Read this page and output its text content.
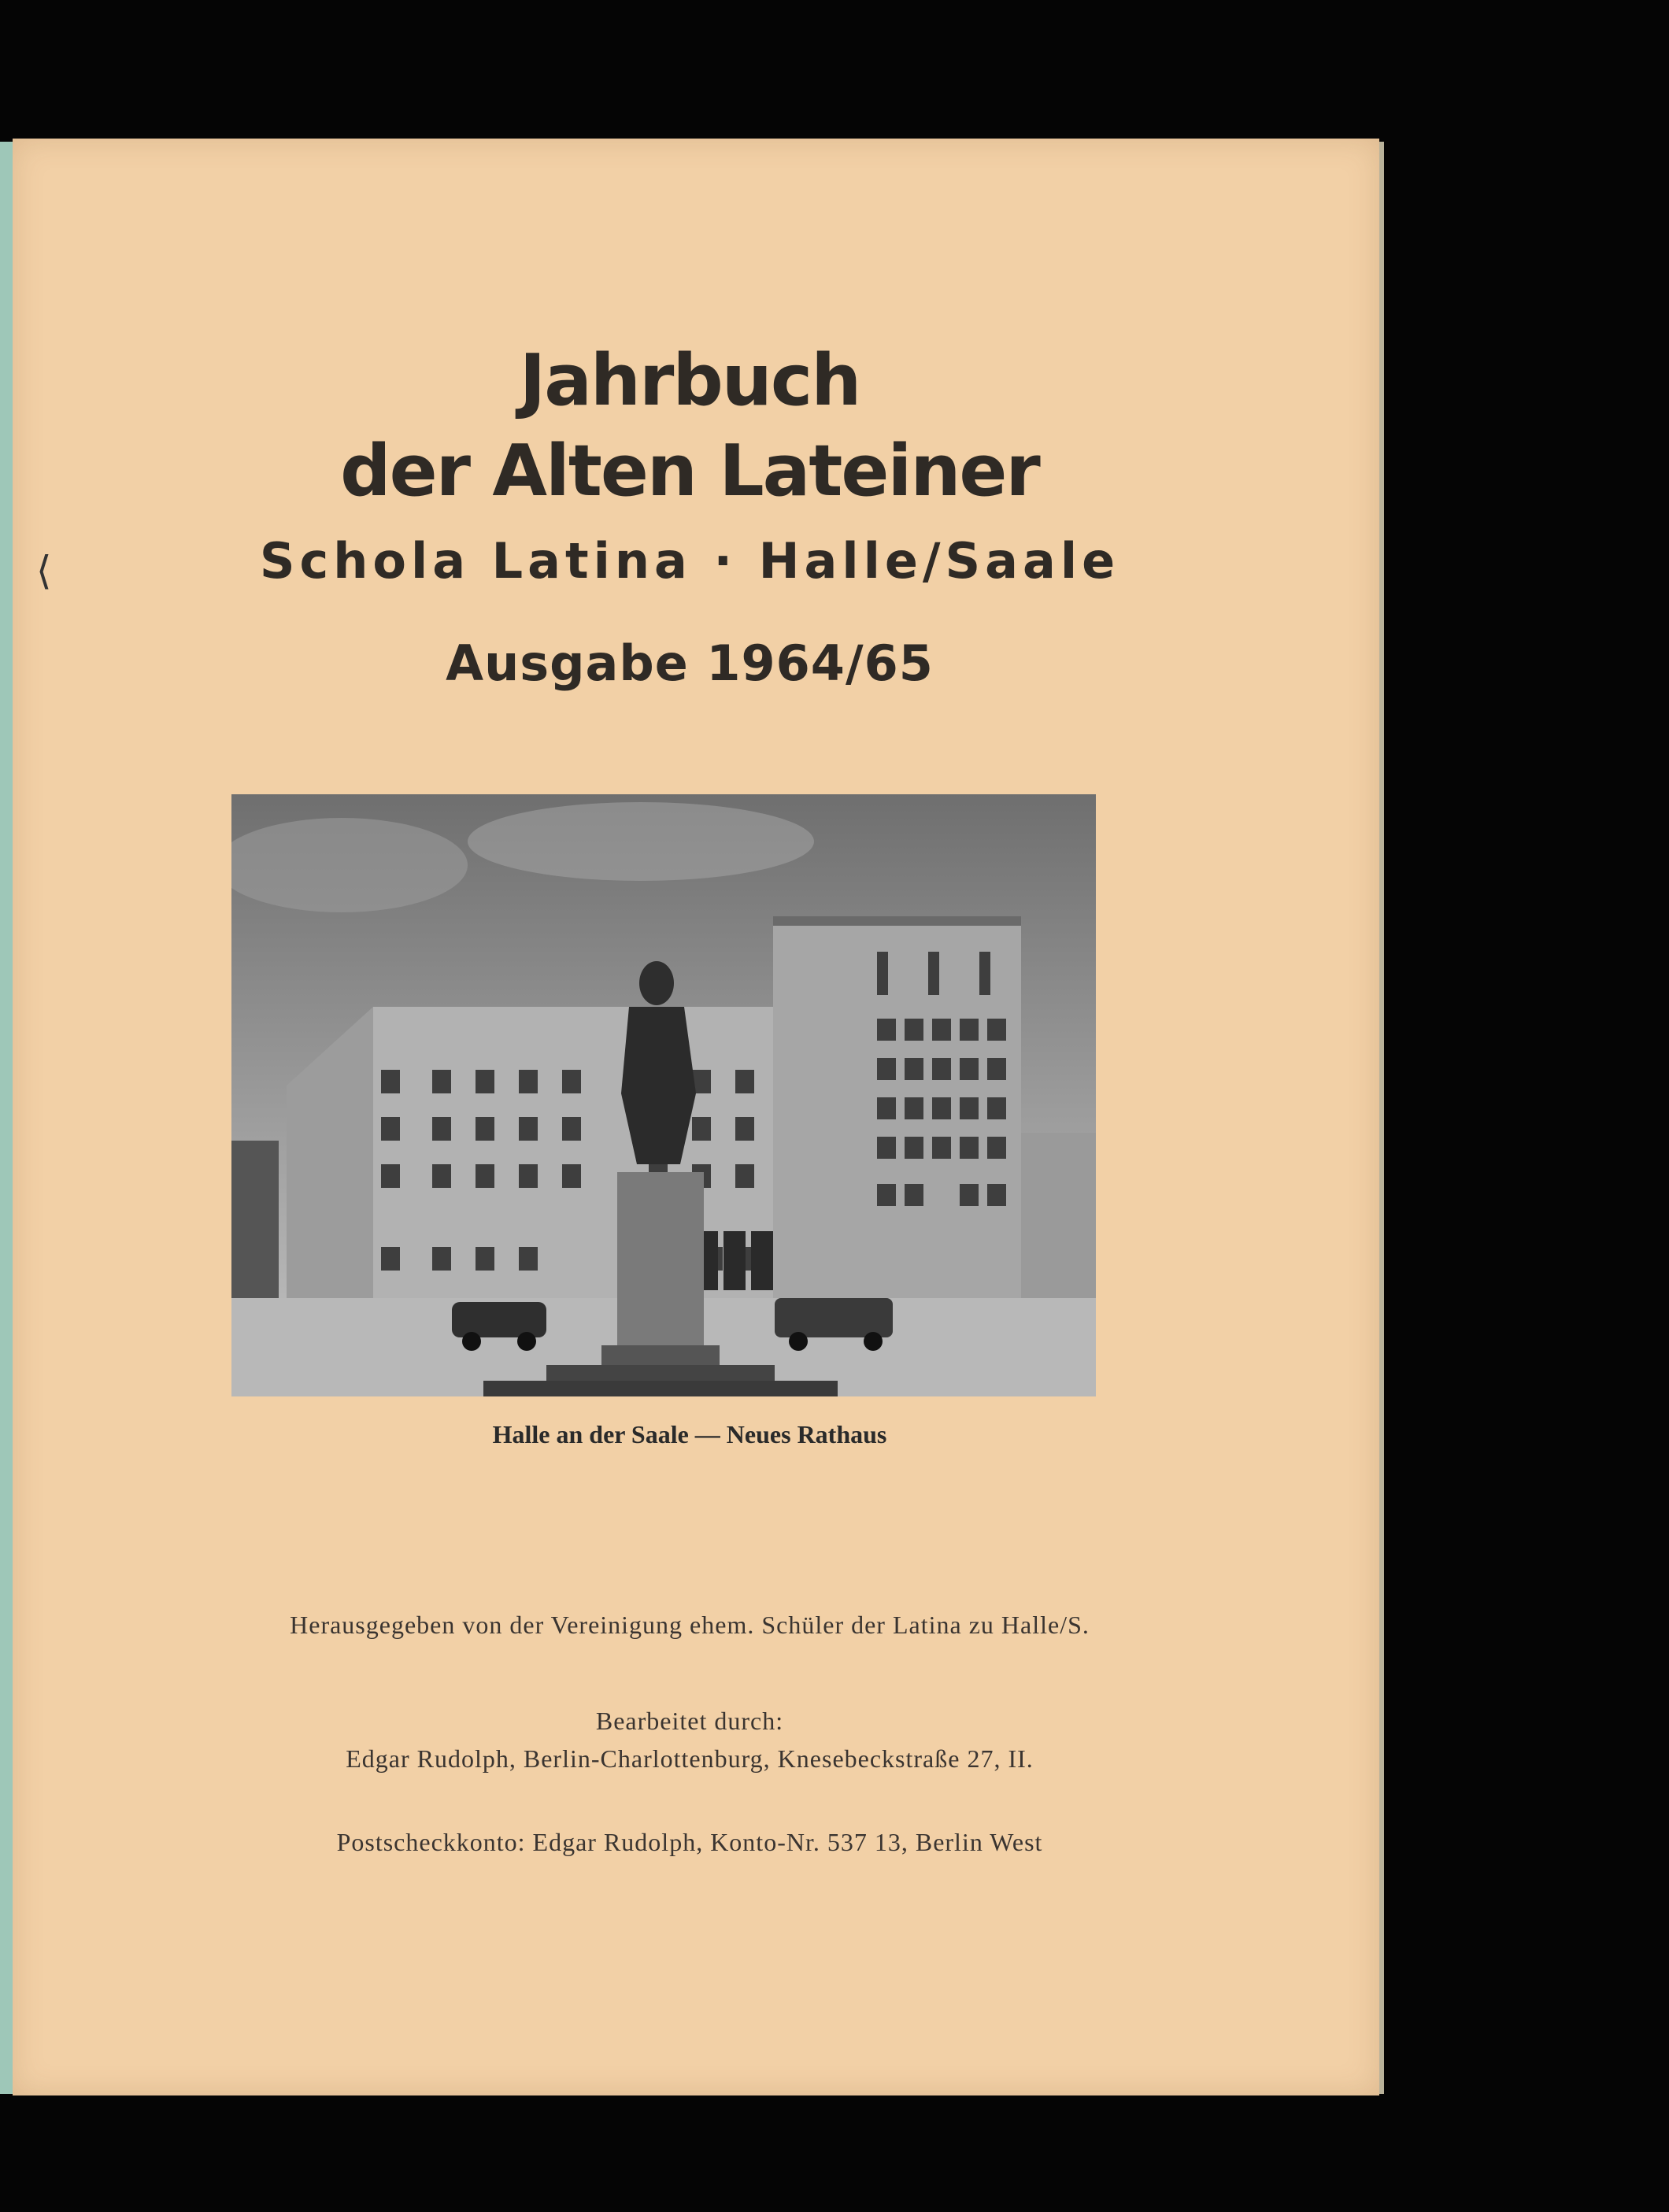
⟨
Jahrbuch
der Alten Lateiner
Schola Latina · Halle/Saale
Ausgabe 1964/65

Halle an der Saale — Neues Rathaus

Herausgegeben von der Vereinigung ehem. Schüler der Latina zu Halle/S.

Bearbeitet durch:

Edgar Rudolph, Berlin-Charlottenburg, Knesebeckstraße 27, II.

Postscheckkonto: Edgar Rudolph, Konto-Nr. 537 13, Berlin West
